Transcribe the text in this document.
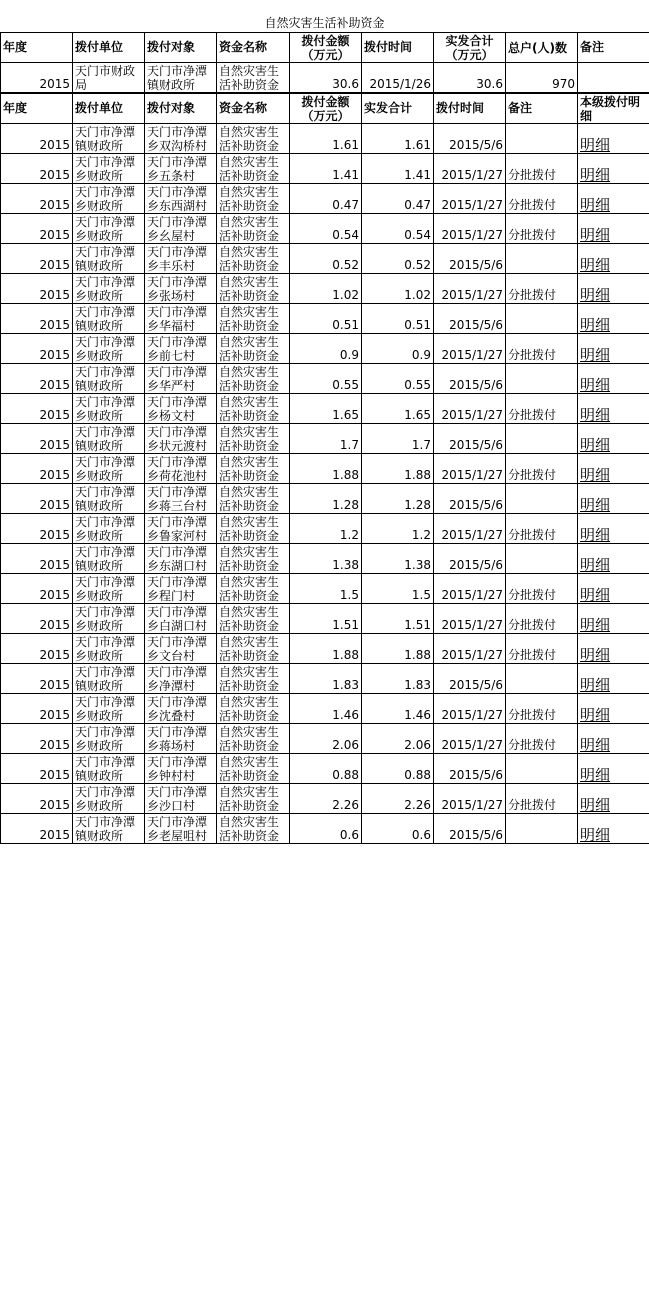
自然灾害生活补助资金
年度	拨付单位	拨付对象	资金名称	拨付金额（万元）	拨付时间	实发合计（万元）	总户(人)数	备注
2015	天门市财政局	天门市净潭镇财政所	自然灾害生活补助资金	30.6	2015/1/26	30.6	970	
年度	拨付单位	拨付对象	资金名称	拨付金额（万元）	实发合计	拨付时间	备注	本级拨付明细
2015	天门市净潭镇财政所	天门市净潭乡双沟桥村	自然灾害生活补助资金	1.61	1.61	2015/5/6		明细
2015	天门市净潭乡财政所	天门市净潭乡五条村	自然灾害生活补助资金	1.41	1.41	2015/1/27	分批拨付	明细
2015	天门市净潭乡财政所	天门市净潭乡东西湖村	自然灾害生活补助资金	0.47	0.47	2015/1/27	分批拨付	明细
2015	天门市净潭乡财政所	天门市净潭乡幺屋村	自然灾害生活补助资金	0.54	0.54	2015/1/27	分批拨付	明细
2015	天门市净潭镇财政所	天门市净潭乡丰乐村	自然灾害生活补助资金	0.52	0.52	2015/5/6		明细
2015	天门市净潭乡财政所	天门市净潭乡张场村	自然灾害生活补助资金	1.02	1.02	2015/1/27	分批拨付	明细
2015	天门市净潭镇财政所	天门市净潭乡华福村	自然灾害生活补助资金	0.51	0.51	2015/5/6		明细
2015	天门市净潭乡财政所	天门市净潭乡前七村	自然灾害生活补助资金	0.9	0.9	2015/1/27	分批拨付	明细
2015	天门市净潭镇财政所	天门市净潭乡华严村	自然灾害生活补助资金	0.55	0.55	2015/5/6		明细
2015	天门市净潭乡财政所	天门市净潭乡杨文村	自然灾害生活补助资金	1.65	1.65	2015/1/27	分批拨付	明细
2015	天门市净潭镇财政所	天门市净潭乡状元渡村	自然灾害生活补助资金	1.7	1.7	2015/5/6		明细
2015	天门市净潭乡财政所	天门市净潭乡荷花池村	自然灾害生活补助资金	1.88	1.88	2015/1/27	分批拨付	明细
2015	天门市净潭镇财政所	天门市净潭乡蒋三台村	自然灾害生活补助资金	1.28	1.28	2015/5/6		明细
2015	天门市净潭乡财政所	天门市净潭乡鲁家河村	自然灾害生活补助资金	1.2	1.2	2015/1/27	分批拨付	明细
2015	天门市净潭镇财政所	天门市净潭乡东湖口村	自然灾害生活补助资金	1.38	1.38	2015/5/6		明细
2015	天门市净潭乡财政所	天门市净潭乡程门村	自然灾害生活补助资金	1.5	1.5	2015/1/27	分批拨付	明细
2015	天门市净潭乡财政所	天门市净潭乡白湖口村	自然灾害生活补助资金	1.51	1.51	2015/1/27	分批拨付	明细
2015	天门市净潭乡财政所	天门市净潭乡文台村	自然灾害生活补助资金	1.88	1.88	2015/1/27	分批拨付	明细
2015	天门市净潭镇财政所	天门市净潭乡净潭村	自然灾害生活补助资金	1.83	1.83	2015/5/6		明细
2015	天门市净潭乡财政所	天门市净潭乡沈叠村	自然灾害生活补助资金	1.46	1.46	2015/1/27	分批拨付	明细
2015	天门市净潭乡财政所	天门市净潭乡蒋场村	自然灾害生活补助资金	2.06	2.06	2015/1/27	分批拨付	明细
2015	天门市净潭镇财政所	天门市净潭乡钟村村	自然灾害生活补助资金	0.88	0.88	2015/5/6		明细
2015	天门市净潭乡财政所	天门市净潭乡沙口村	自然灾害生活补助资金	2.26	2.26	2015/1/27	分批拨付	明细
2015	天门市净潭镇财政所	天门市净潭乡老屋咀村	自然灾害生活补助资金	0.6	0.6	2015/5/6		明细
